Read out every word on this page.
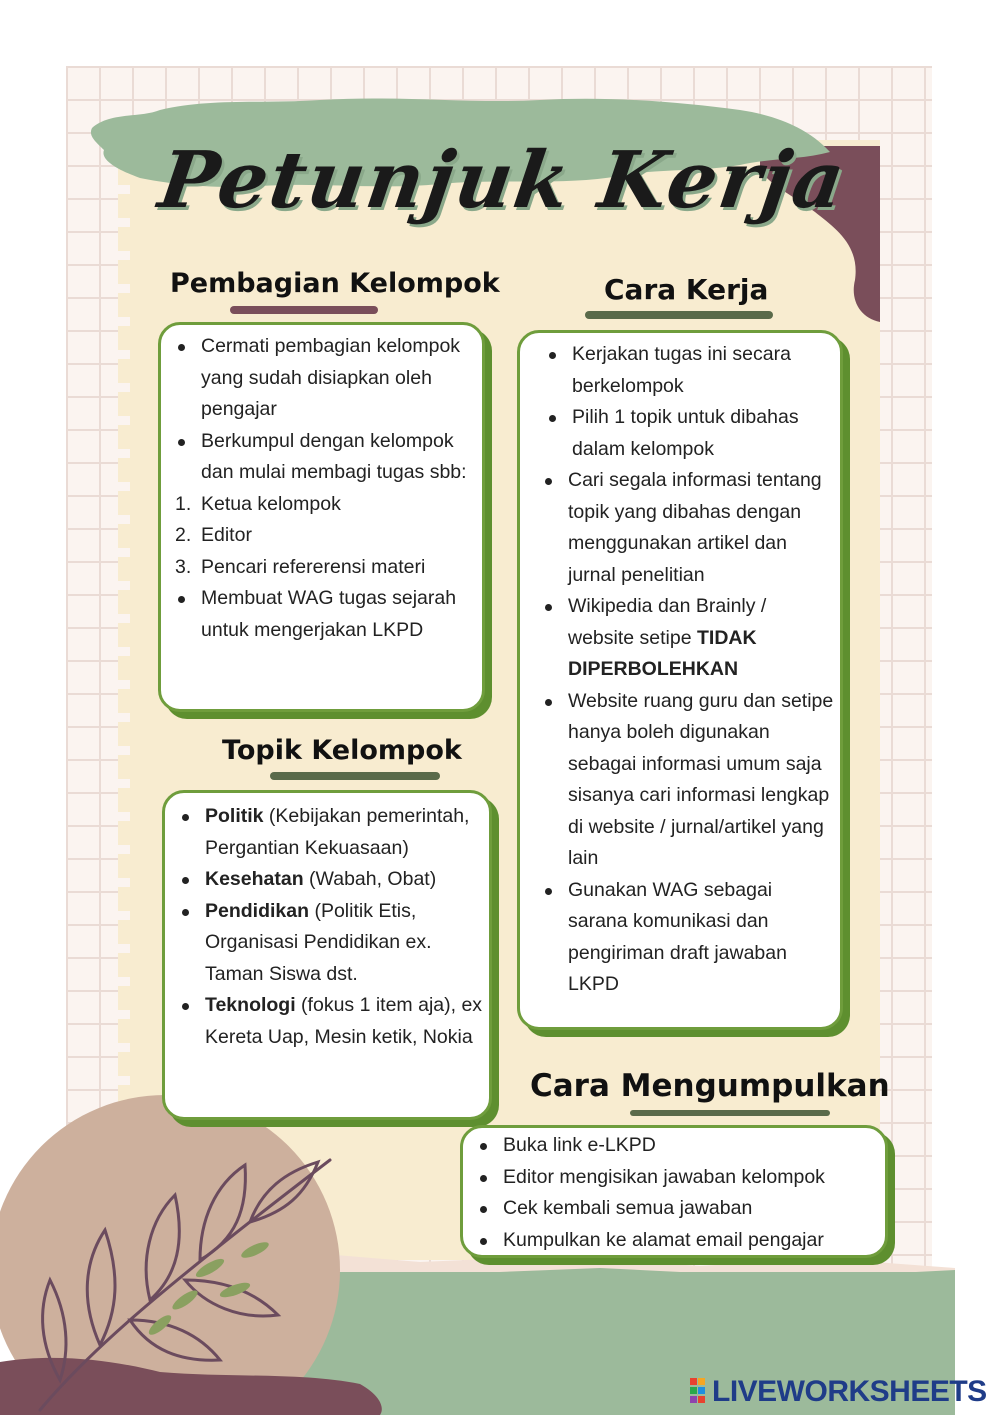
Petunjuk Kerja
Pembagian Kelompok
Cermati pembagian kelompok yang sudah disiapkan oleh pengajar
Berkumpul dengan kelompok dan mulai membagi tugas sbb:
1. Ketua kelompok
2. Editor
3. Pencari refererensi materi
Membuat WAG tugas sejarah untuk mengerjakan LKPD
Topik Kelompok
Politik (Kebijakan pemerintah, Pergantian Kekuasaan)
Kesehatan (Wabah, Obat)
Pendidikan (Politik Etis, Organisasi Pendidikan ex. Taman Siswa dst.
Teknologi (fokus 1 item aja), ex Kereta Uap, Mesin ketik, Nokia
Cara Kerja
Kerjakan tugas ini secara berkelompok
Pilih 1 topik untuk dibahas dalam kelompok
Cari segala informasi tentang topik yang dibahas dengan menggunakan artikel dan jurnal penelitian
Wikipedia dan Brainly / website setipe TIDAK DIPERBOLEHKAN
Website ruang guru dan setipe hanya boleh digunakan sebagai informasi umum saja sisanya cari informasi lengkap di website / jurnal/artikel yang lain
Gunakan WAG sebagai sarana komunikasi dan pengiriman draft jawaban LKPD
Cara Mengumpulkan
Buka link e-LKPD
Editor mengisikan jawaban kelompok
Cek kembali semua jawaban
Kumpulkan ke alamat email pengajar
LIVEWORKSHEETS
